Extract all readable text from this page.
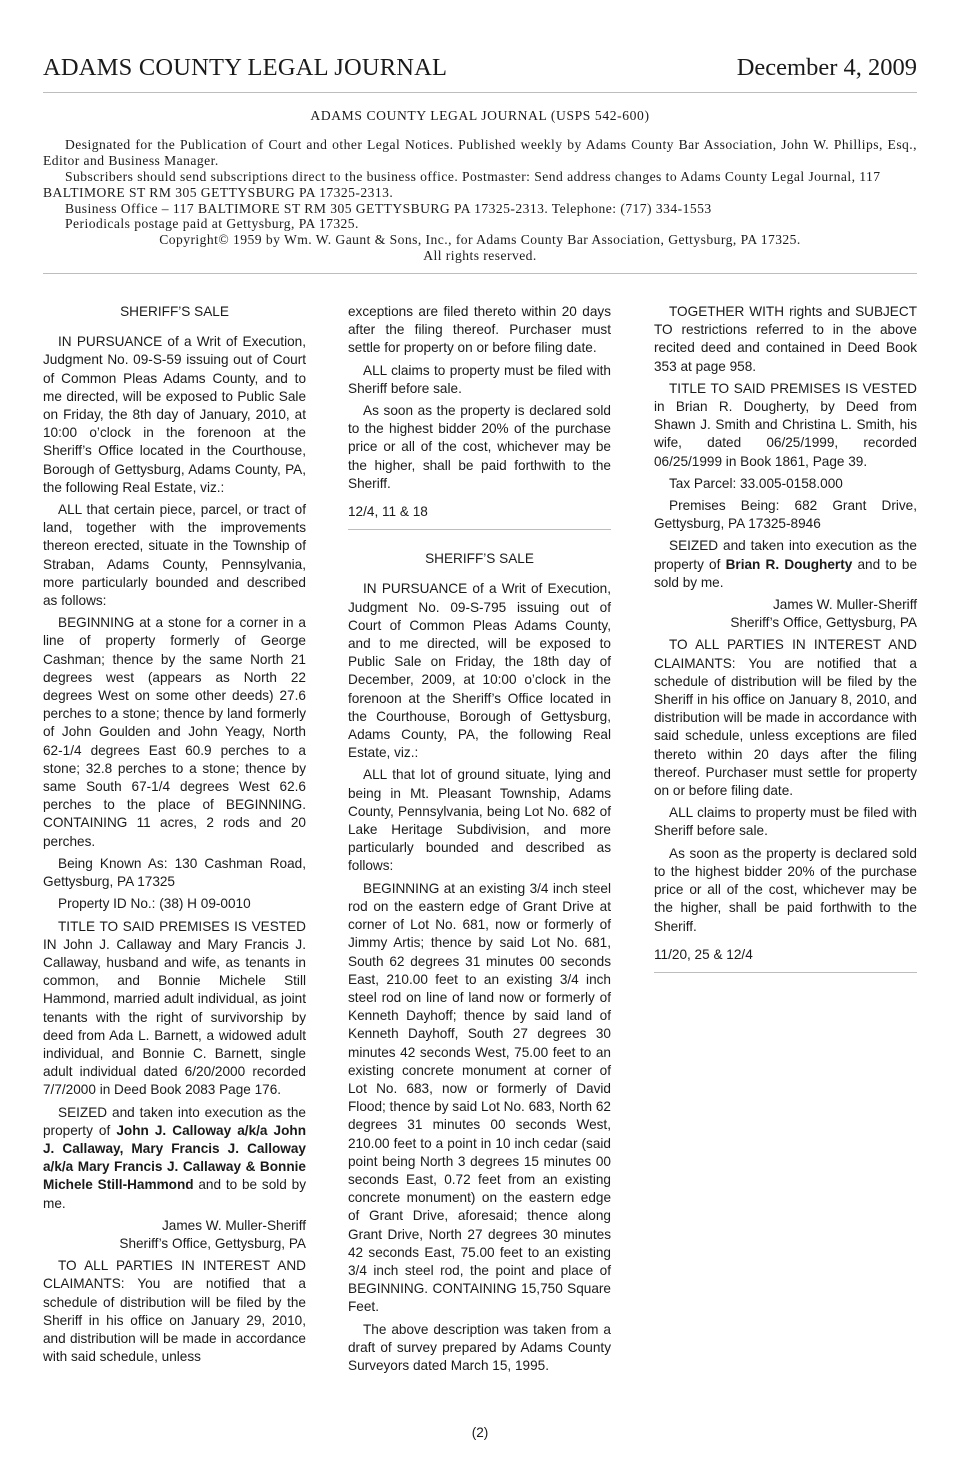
ADAMS COUNTY LEGAL JOURNAL	December 4, 2009
ADAMS COUNTY LEGAL JOURNAL (USPS 542-600)

Designated for the Publication of Court and other Legal Notices. Published weekly by Adams County Bar Association, John W. Phillips, Esq., Editor and Business Manager.

Subscribers should send subscriptions direct to the business office. Postmaster: Send address changes to Adams County Legal Journal, 117 BALTIMORE ST RM 305 GETTYSBURG PA 17325-2313.

Business Office – 117 BALTIMORE ST RM 305 GETTYSBURG PA 17325-2313. Telephone: (717) 334-1553

Periodicals postage paid at Gettysburg, PA 17325.

Copyright© 1959 by Wm. W. Gaunt & Sons, Inc., for Adams County Bar Association, Gettysburg, PA 17325.

All rights reserved.

SHERIFF’S SALE

IN PURSUANCE of a Writ of Execution, Judgment No. 09-S-59 issuing out of Court of Common Pleas Adams County, and to me directed, will be exposed to Public Sale on Friday, the 8th day of January, 2010, at 10:00 o’clock in the forenoon at the Sheriff’s Office located in the Courthouse, Borough of Gettysburg, Adams County, PA, the following Real Estate, viz.:

ALL that certain piece, parcel, or tract of land, together with the improvements thereon erected, situate in the Township of Straban, Adams County, Pennsylvania, more particularly bounded and described as follows:

BEGINNING at a stone for a corner in a line of property formerly of George Cashman; thence by the same North 21 degrees west (appears as North 22 degrees West on some other deeds) 27.6 perches to a stone; thence by land formerly of John Goulden and John Yeagy, North 62-1/4 degrees East 60.9 perches to a stone; 32.8 perches to a stone; thence by same South 67-1/4 degrees West 62.6 perches to the place of BEGINNING. CONTAINING 11 acres, 2 rods and 20 perches.

Being Known As: 130 Cashman Road, Gettysburg, PA 17325

Property ID No.: (38) H 09-0010

TITLE TO SAID PREMISES IS VESTED IN John J. Callaway and Mary Francis J. Callaway, husband and wife, as tenants in common, and Bonnie Michele Still Hammond, married adult individual, as joint tenants with the right of survivorship by deed from Ada L. Barnett, a widowed adult individual, and Bonnie C. Barnett, single adult individual dated 6/20/2000 recorded 7/7/2000 in Deed Book 2083 Page 176.

SEIZED and taken into execution as the property of John J. Calloway a/k/a John J. Callaway, Mary Francis J. Calloway a/k/a Mary Francis J. Callaway & Bonnie Michele Still-Hammond and to be sold by me.

James W. Muller-Sheriff

Sheriff’s Office, Gettysburg, PA

TO ALL PARTIES IN INTEREST AND CLAIMANTS: You are notified that a schedule of distribution will be filed by the Sheriff in his office on January 29, 2010, and distribution will be made in accordance with said schedule, unless

exceptions are filed thereto within 20 days after the filing thereof. Purchaser must settle for property on or before filing date.

ALL claims to property must be filed with Sheriff before sale.

As soon as the property is declared sold to the highest bidder 20% of the purchase price or all of the cost, whichever may be the higher, shall be paid forthwith to the Sheriff.

12/4, 11 & 18

SHERIFF’S SALE

IN PURSUANCE of a Writ of Execution, Judgment No. 09-S-795 issuing out of Court of Common Pleas Adams County, and to me directed, will be exposed to Public Sale on Friday, the 18th day of December, 2009, at 10:00 o’clock in the forenoon at the Sheriff’s Office located in the Courthouse, Borough of Gettysburg, Adams County, PA, the following Real Estate, viz.:

ALL that lot of ground situate, lying and being in Mt. Pleasant Township, Adams County, Pennsylvania, being Lot No. 682 of Lake Heritage Subdivision, and more particularly bounded and described as follows:

BEGINNING at an existing 3/4 inch steel rod on the eastern edge of Grant Drive at corner of Lot No. 681, now or formerly of Jimmy Artis; thence by said Lot No. 681, South 62 degrees 31 minutes 00 seconds East, 210.00 feet to an existing 3/4 inch steel rod on line of land now or formerly of Kenneth Dayhoff; thence by said land of Kenneth Dayhoff, South 27 degrees 30 minutes 42 seconds West, 75.00 feet to an existing concrete monument at corner of Lot No. 683, now or formerly of David Flood; thence by said Lot No. 683, North 62 degrees 31 minutes 00 seconds West, 210.00 feet to a point in 10 inch cedar (said point being North 3 degrees 15 minutes 00 seconds East, 0.72 feet from an existing concrete monument) on the eastern edge of Grant Drive, aforesaid; thence along Grant Drive, North 27 degrees 30 minutes 42 seconds East, 75.00 feet to an existing 3/4 inch steel rod, the point and place of BEGINNING. CONTAINING 15,750 Square Feet.

The above description was taken from a draft of survey prepared by Adams County Surveyors dated March 15, 1995.

TOGETHER WITH rights and SUBJECT TO restrictions referred to in the above recited deed and contained in Deed Book 353 at page 958.

TITLE TO SAID PREMISES IS VESTED in Brian R. Dougherty, by Deed from Shawn J. Smith and Christina L. Smith, his wife, dated 06/25/1999, recorded 06/25/1999 in Book 1861, Page 39.

Tax Parcel: 33.005-0158.000

Premises Being: 682 Grant Drive, Gettysburg, PA 17325-8946

SEIZED and taken into execution as the property of Brian R. Dougherty and to be sold by me.

James W. Muller-Sheriff

Sheriff’s Office, Gettysburg, PA

TO ALL PARTIES IN INTEREST AND CLAIMANTS: You are notified that a schedule of distribution will be filed by the Sheriff in his office on January 8, 2010, and distribution will be made in accordance with said schedule, unless exceptions are filed thereto within 20 days after the filing thereof. Purchaser must settle for property on or before filing date.

ALL claims to property must be filed with Sheriff before sale.

As soon as the property is declared sold to the highest bidder 20% of the purchase price or all of the cost, whichever may be the higher, shall be paid forthwith to the Sheriff.

11/20, 25 & 12/4

(2)
